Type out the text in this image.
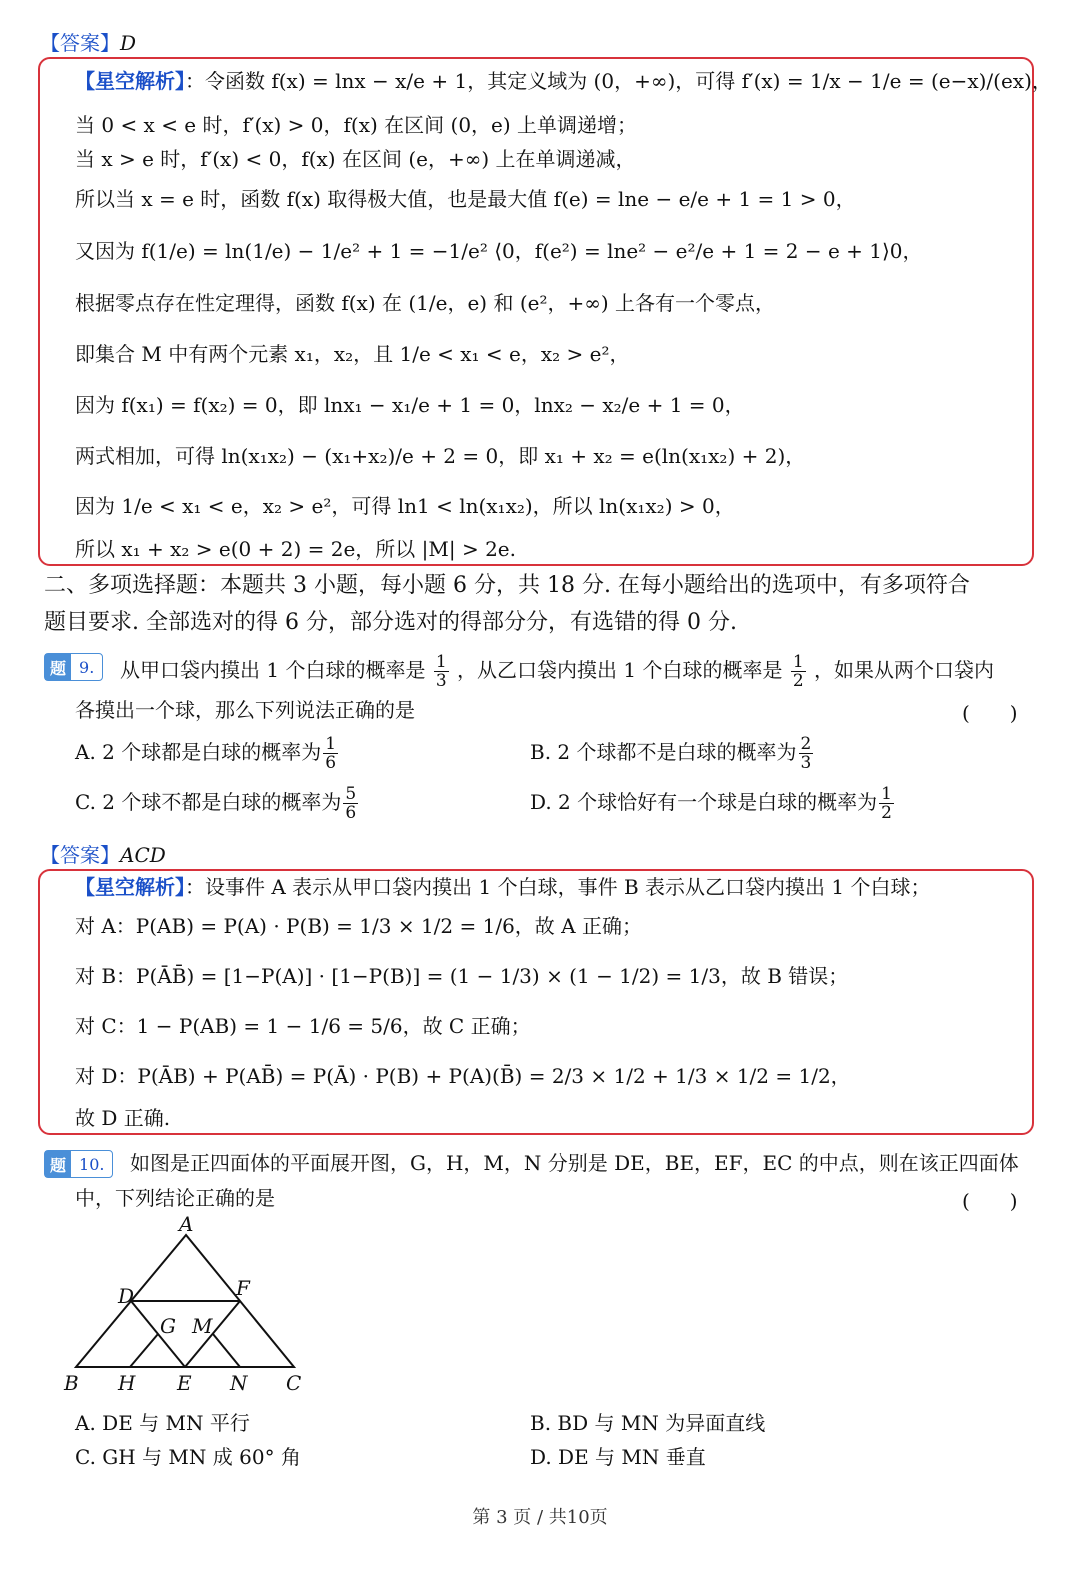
【答案】D
【星空解析】：令函数 f(x) = lnx − x/e + 1，其定义域为 (0，+∞)，可得 f′(x) = 1/x − 1/e = (e−x)/(ex)，
当 0 < x < e 时，f′(x) > 0，f(x) 在区间 (0，e) 上单调递增；
当 x > e 时，f′(x) < 0，f(x) 在区间 (e，+∞) 上在单调递减，
所以当 x = e 时，函数 f(x) 取得极大值，也是最大值 f(e) = lne − e/e + 1 = 1 > 0，
又因为 f(1/e) = ln(1/e) − 1/e² + 1 = −1/e² ⟨0，f(e²) = lne² − e²/e + 1 = 2 − e + 1⟩0，
根据零点存在性定理得，函数 f(x) 在 (1/e，e) 和 (e²，+∞) 上各有一个零点，
即集合 M 中有两个元素 x₁，x₂，且 1/e < x₁ < e，x₂ > e²，
因为 f(x₁) = f(x₂) = 0，即 lnx₁ − x₁/e + 1 = 0，lnx₂ − x₂/e + 1 = 0，
两式相加，可得 ln(x₁x₂) − (x₁+x₂)/e + 2 = 0，即 x₁ + x₂ = e(ln(x₁x₂) + 2)，
因为 1/e < x₁ < e，x₂ > e²，可得 ln1 < ln(x₁x₂)，所以 ln(x₁x₂) > 0，
所以 x₁ + x₂ > e(0 + 2) = 2e，所以 |M| > 2e.
二、多项选择题：本题共 3 小题，每小题 6 分，共 18 分. 在每小题给出的选项中，有多项符合
题目要求. 全部选对的得 6 分，部分选对的得部分分，有选错的得 0 分.
题 9.	从甲口袋内摸出 1 个白球的概率是 $\frac{1}{3}$ ，从乙口袋内摸出 1 个白球的概率是 $\frac{1}{2}$ ，如果从两个口袋内
各摸出一个球，那么下列说法正确的是	(　　)
A. 2 个球都是白球的概率为 $\frac{1}{6}$	B. 2 个球都不是白球的概率为 $\frac{2}{3}$
C. 2 个球不都是白球的概率为 $\frac{5}{6}$	D. 2 个球恰好有一个球是白球的概率为 $\frac{1}{2}$
【答案】ACD
【星空解析】：设事件 A 表示从甲口袋内摸出 1 个白球，事件 B 表示从乙口袋内摸出 1 个白球；
对 A：P(AB) = P(A) · P(B) = 1/3 × 1/2 = 1/6，故 A 正确；
对 B：P(ĀB̄) = [1−P(A)] · [1−P(B)] = (1 − 1/3) × (1 − 1/2) = 1/3，故 B 错误；
对 C：1 − P(AB) = 1 − 1/6 = 5/6，故 C 正确；
对 D：P(ĀB) + P(AB̄) = P(Ā) · P(B) + P(A)(B̄) = 2/3 × 1/2 + 1/3 × 1/2 = 1/2，
故 D 正确.
题 10.	如图是正四面体的平面展开图，G，H，M，N 分别是 DE，BE，EF，EC 的中点，则在该正四面体
中，下列结论正确的是	(　　)
A
D	F
G M
B H E N C
A. DE 与 MN 平行	B. BD 与 MN 为异面直线
C. GH 与 MN 成 60° 角	D. DE 与 MN 垂直
第 3 页 / 共10页
